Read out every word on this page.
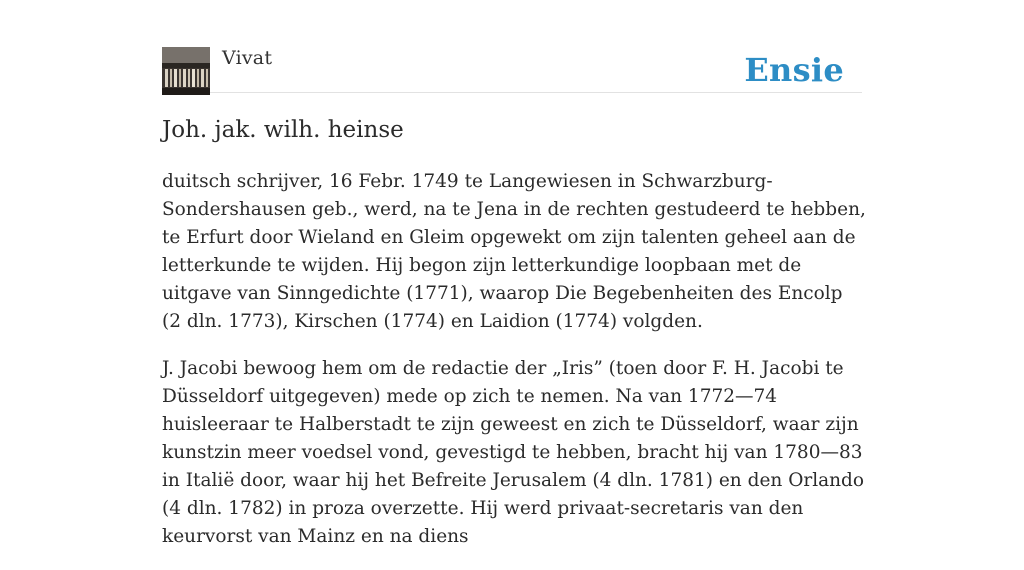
Vivat	Ensie
Joh. jak. wilh. heinse

duitsch schrijver, 16 Febr. 1749 te Langewiesen in Schwarzburg-Sondershausen geb., werd, na te Jena in de rechten gestudeerd te hebben, te Erfurt door Wieland en Gleim opgewekt om zijn talenten geheel aan de letterkunde te wijden. Hij begon zijn letterkundige loopbaan met de uitgave van Sinngedichte (1771), waarop Die Begebenheiten des Encolp (2 dln. 1773), Kirschen (1774) en Laidion (1774) volgden.

J. Jacobi bewoog hem om de redactie der „Iris” (toen door F. H. Jacobi te Düsseldorf uitgegeven) mede op zich te nemen. Na van 1772—74 huisleeraar te Halberstadt te zijn geweest en zich te Düsseldorf, waar zijn kunstzin meer voedsel vond, gevestigd te hebben, bracht hij van 1780—83 in Italië door, waar hij het Befreite Jerusalem (4 dln. 1781) en den Orlando (4 dln. 1782) in proza overzette. Hij werd privaat-secretaris van den keurvorst van Mainz en na diens
